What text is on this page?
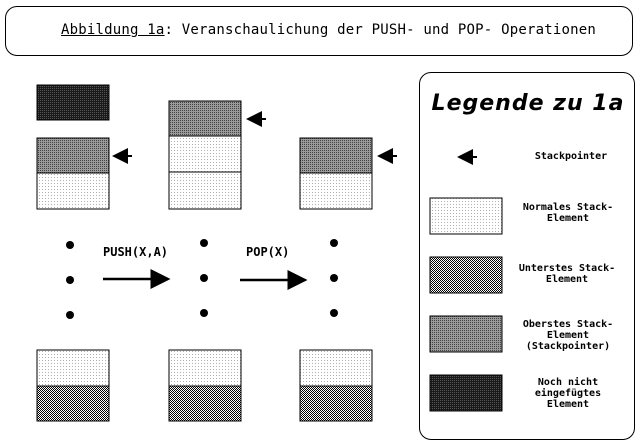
Abbildung 1a: Veranschaulichung der PUSH- und POP- Operationen
PUSH(X,A)	POP(X)
Legende zu 1a
Stackpointer
Normales Stack-
Element
Unterstes Stack-
Element
Oberstes Stack-
Element
(Stackpointer)
Noch nicht
eingefügtes
Element
